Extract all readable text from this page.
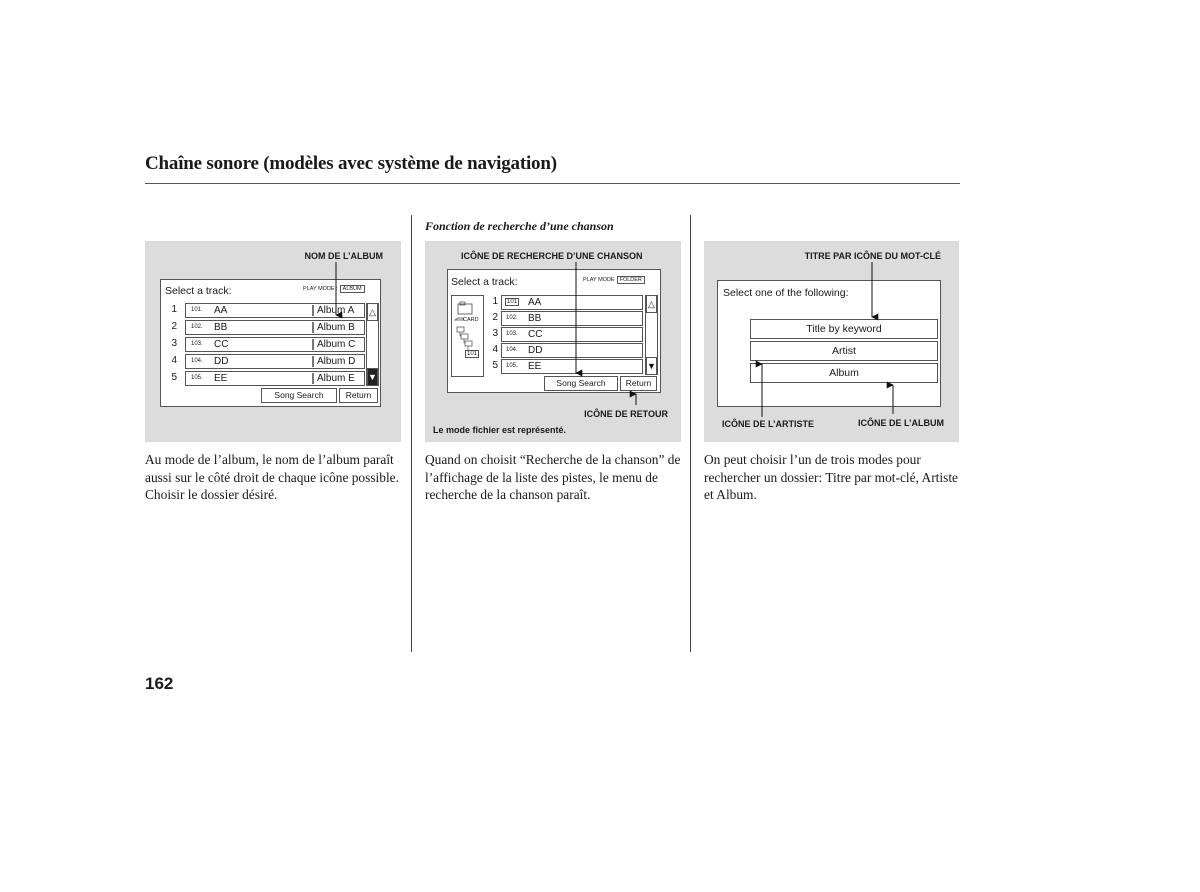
Chaîne sonore (modèles avec système de navigation)
Fonction de recherche d’une chanson
NOM DE L’ALBUM
Select a track:	PLAY MODE : ALBUM
1 101. AA	Album A
2 102. BB	Album B
3 103. CC	Album C
4 104. DD	Album D
5 105. EE	Album E
△
▼
Song Search	Return
ICÔNE DE RECHERCHE D’UNE CHANSON
ICÔNE DE RETOUR
Le mode fichier est représenté.
Select a track:	PLAY MODE FOLDER
CARD
101
1	101 AA
2 102. BB
3 103. CC
4 104. DD
5 105. EE
△
▼
Song Search	Return
TITRE PAR ICÔNE DU MOT-CLÉ
ICÔNE DE L’ARTISTE	ICÔNE DE L’ALBUM
Select one of the following:
Title by keyword
Artist
Album
Au mode de l’album, le nom de l’album paraît aussi sur le côté droit de chaque icône possible. Choisir le dossier désiré.
Quand on choisit “Recherche de la chanson” de l’affichage de la liste des pistes, le menu de recherche de la chanson paraît.
On peut choisir l’un de trois modes pour rechercher un dossier: Titre par mot-clé, Artiste et Album.
162
